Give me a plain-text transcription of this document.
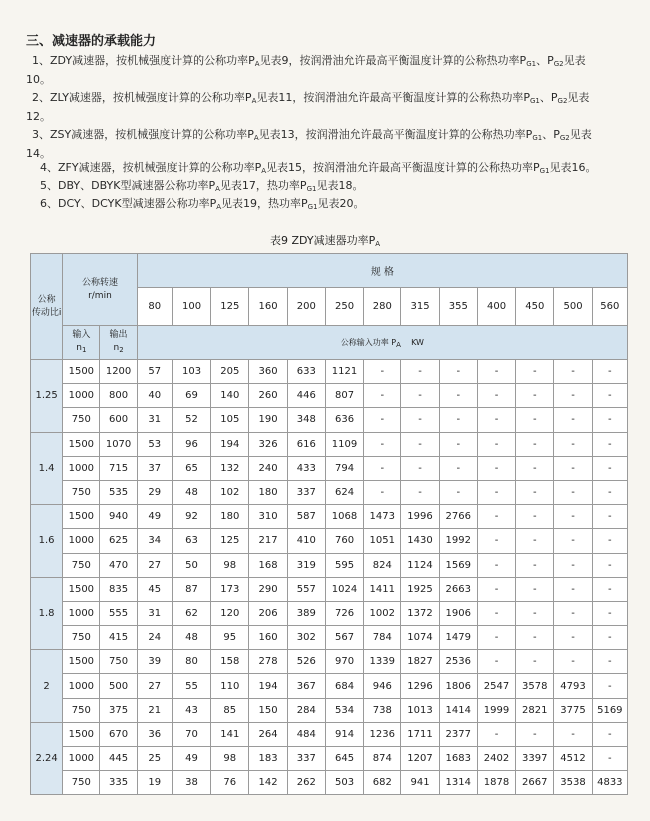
三、减速器的承载能力
1、ZDY减速器，按机械强度计算的公称功率$P_A$见表9，按润滑油允许最高平衡温度计算的公称热功率$P_{G1}$、$P_{G2}$见表
10。
2、ZLY减速器，按机械强度计算的公称功率$P_A$见表11，按润滑油允许最高平衡温度计算的公称热功率$P_{G1}$、$P_{G2}$见表
12。
3、ZSY减速器，按机械强度计算的公称功率$P_A$见表13，按润滑油允许最高平衡温度计算的公称热功率$P_{G1}$、$P_{G2}$见表
14。
4、ZFY减速器，按机械强度计算的公称功率$P_A$见表15，按润滑油允许最高平衡温度计算的公称热功率$P_{G1}$见表16。
5、DBY、DBYK型减速器公称功率$P_A$见表17，热功率$P_{G1}$见表18。
6、DCY、DCYK型减速器公称功率$P_A$见表19，热功率$P_{G1}$见表20。
表9 ZDY减速器功率$P_A$
公称
传动比i	公称转速
r/min		规 格												
			80	100	125	160	200	250	280	315	355	400	450	500	560
	输入
$n_1$	输出
$n_2$	公称输入功率 $P_A$ KW												
1.25	1500	1200	57	103	205	360	633	1121	-	-	-	-	-	-	-
	1000	800	40	69	140	260	446	807	-	-	-	-	-	-	-
	750	600	31	52	105	190	348	636	-	-	-	-	-	-	-
1.4	1500	1070	53	96	194	326	616	1109	-	-	-	-	-	-	-
	1000	715	37	65	132	240	433	794	-	-	-	-	-	-	-
	750	535	29	48	102	180	337	624	-	-	-	-	-	-	-
1.6	1500	940	49	92	180	310	587	1068	1473	1996	2766	-	-	-	-
	1000	625	34	63	125	217	410	760	1051	1430	1992	-	-	-	-
	750	470	27	50	98	168	319	595	824	1124	1569	-	-	-	-
1.8	1500	835	45	87	173	290	557	1024	1411	1925	2663	-	-	-	-
	1000	555	31	62	120	206	389	726	1002	1372	1906	-	-	-	-
	750	415	24	48	95	160	302	567	784	1074	1479	-	-	-	-
2	1500	750	39	80	158	278	526	970	1339	1827	2536	-	-	-	-
	1000	500	27	55	110	194	367	684	946	1296	1806	2547	3578	4793	-
	750	375	21	43	85	150	284	534	738	1013	1414	1999	2821	3775	5169
2.24	1500	670	36	70	141	264	484	914	1236	1711	2377	-	-	-	-
	1000	445	25	49	98	183	337	645	874	1207	1683	2402	3397	4512	-
	750	335	19	38	76	142	262	503	682	941	1314	1878	2667	3538	4833
